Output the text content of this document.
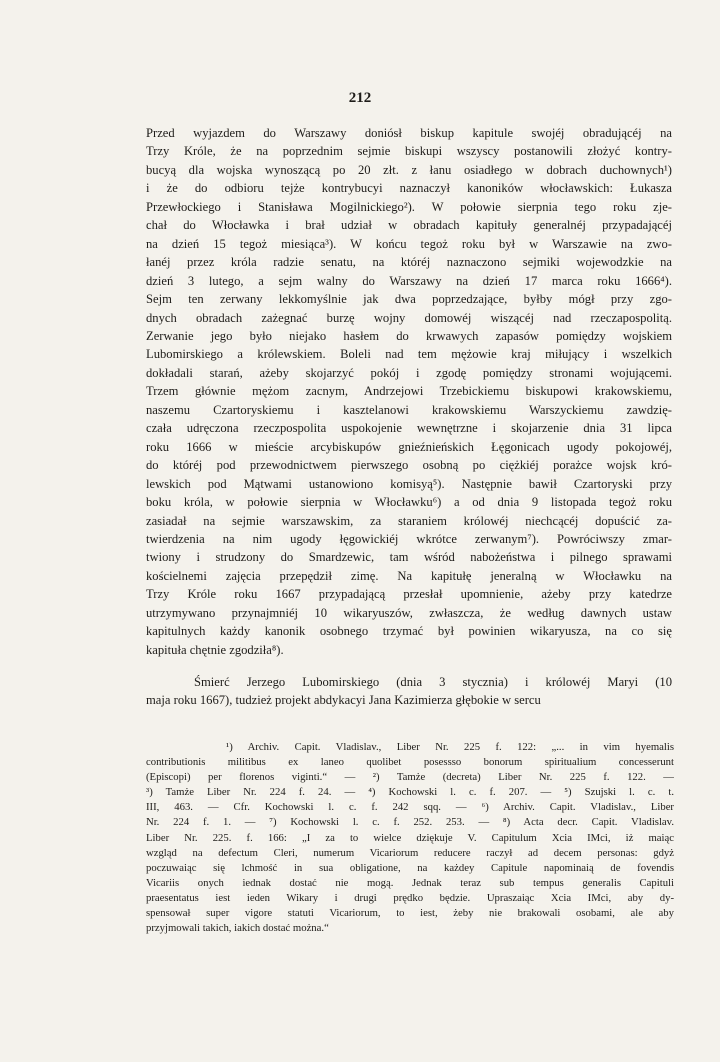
212
Przed wyjazdem do Warszawy doniósł biskup kapitule swojéj obradującéj na
Trzy Króle, że na poprzednim sejmie biskupi wszyscy postanowili złożyć kontry-
bucyą dla wojska wynoszącą po 20 złt. z łanu osiadłego w dobrach duchownych¹)
i że do odbioru tejże kontrybucyi naznaczył kanoników włocławskich: Łukasza
Przewłockiego i Stanisława Mogilnickiego²). W połowie sierpnia tego roku zje-
chał do Włocławka i brał udział w obradach kapituły generalnéj przypadającéj
na dzień 15 tegoż miesiąca³). W końcu tegoż roku był w Warszawie na zwo-
łanéj przez króla radzie senatu, na któréj naznaczono sejmiki wojewodzkie na
dzień 3 lutego, a sejm walny do Warszawy na dzień 17 marca roku 1666⁴).
Sejm ten zerwany lekkomyślnie jak dwa poprzedzające, byłby mógł przy zgo-
dnych obradach zażegnać burzę wojny domowéj wiszącéj nad rzeczapospolitą.
Zerwanie jego było niejako hasłem do krwawych zapasów pomiędzy wojskiem
Lubomirskiego a królewskiem. Boleli nad tem mężowie kraj miłujący i wszelkich
dokładali starań, ażeby skojarzyć pokój i zgodę pomiędzy stronami wojującemi.
Trzem głównie mężom zacnym, Andrzejowi Trzebickiemu biskupowi krakowskiemu,
naszemu Czartoryskiemu i kasztelanowi krakowskiemu Warszyckiemu zawdzię-
czała udręczona rzeczpospolita uspokojenie wewnętrzne i skojarzenie dnia 31 lipca
roku 1666 w mieście arcybiskupów gnieźnieńskich Łęgonicach ugody pokojowéj,
do któréj pod przewodnictwem pierwszego osobną po ciężkiéj porażce wojsk kró-
lewskich pod Mątwami ustanowiono komisyą⁵). Następnie bawił Czartoryski przy
boku króla, w połowie sierpnia w Włocławku⁶) a od dnia 9 listopada tegoż roku
zasiadał na sejmie warszawskim, za staraniem królowéj niechcącéj dopuścić za-
twierdzenia na nim ugody łęgowickiéj wkrótce zerwanym⁷). Powróciwszy zmar-
twiony i strudzony do Smardzewic, tam wśród nabożeństwa i pilnego sprawami
kościelnemi zajęcia przepędził zimę. Na kapitułę jeneralną w Włocławku na
Trzy Króle roku 1667 przypadającą przesłał upomnienie, ażeby przy katedrze
utrzymywano przynajmniéj 10 wikaryuszów, zwłaszcza, że według dawnych ustaw
kapitulnych każdy kanonik osobnego trzymać był powinien wikaryusza, na co się
kapituła chętnie zgodziła⁸).
Śmierć Jerzego Lubomirskiego (dnia 3 stycznia) i królowéj Maryi (10
maja roku 1667), tudzież projekt abdykacyi Jana Kazimierza głębokie w sercu
¹) Archiv. Capit. Vladislav., Liber Nr. 225 f. 122: „... in vim hyemalis
contributionis militibus ex laneo quolibet posessso bonorum spiritualium concesserunt
(Episcopi) per florenos viginti.“ — ²) Tamże (decreta) Liber Nr. 225 f. 122. —
³) Tamże Liber Nr. 224 f. 24. — ⁴) Kochowski l. c. f. 207. — ⁵) Szujski l. c. t.
III, 463. — Cfr. Kochowski l. c. f. 242 sqq. — ⁶) Archiv. Capit. Vladislav., Liber
Nr. 224 f. 1. — ⁷) Kochowski l. c. f. 252. 253. — ⁸) Acta decr. Capit. Vladislav.
Liber Nr. 225. f. 166: „I za to wielce dziękuje V. Capitulum Xcia IMci, iż maiąc
wzgląd na defectum Cleri, numerum Vicariorum reducere raczył ad decem personas: gdyż
poczuwaiąc się lchmość in sua obligatione, na każdey Capitule napominaią de fovendis
Vicariis onych iednak dostać nie mogą. Jednak teraz sub tempus generalis Capituli
praesentatus iest ieden Wikary i drugi prędko będzie. Upraszaiąc Xcia IMci, aby dy-
spensował super vigore statuti Vicariorum, to iest, żeby nie brakowali osobami, ale aby
przyjmowali takich, iakich dostać można.“
